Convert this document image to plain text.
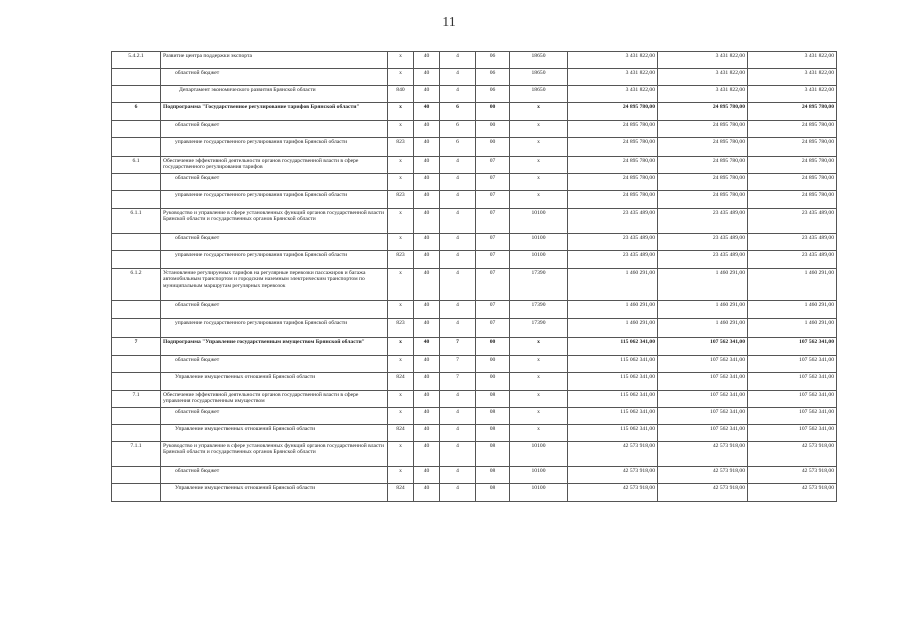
11
5.4.2.1	Развитие центра поддержки экспорта	х	40	4	06	18650	3 431 822,00	3 431 822,00	3 431 822,00
	областной бюджет	х	40	4	06	18650	3 431 822,00	3 431 822,00	3 431 822,00
	Департамент экономического развития Брянской области	840	40	4	06	18650	3 431 822,00	3 431 822,00	3 431 822,00
6	Подпрограмма "Государственное регулирование тарифов Брянской области"	х	40	6	00	х	24 895 780,00	24 895 780,00	24 895 780,00
	областной бюджет	х	40	6	00	х	24 895 780,00	24 895 780,00	24 895 780,00
	управление государственного регулирования тарифов Брянской области	823	40	6	00	х	24 895 780,00	24 895 780,00	24 895 780,00
6.1	Обеспечение эффективной деятельности органов государственной власти в сфере государственного регулирования тарифов	х	40	4	07	х	24 895 780,00	24 895 780,00	24 895 780,00
	областной бюджет	х	40	4	07	х	24 895 780,00	24 895 780,00	24 895 780,00
	управление государственного регулирования тарифов Брянской области	823	40	4	07	х	24 895 780,00	24 895 780,00	24 895 780,00
6.1.1	Руководство и управление в сфере установленных функций органов государственной власти Брянской области и государственных органов Брянской области	х	40	4	07	10100	23 435 489,00	23 435 489,00	23 435 489,00
	областной бюджет	х	40	4	07	10100	23 435 489,00	23 435 489,00	23 435 489,00
	управление государственного регулирования тарифов Брянской области	823	40	4	07	10100	23 435 489,00	23 435 489,00	23 435 489,00
6.1.2	Установление регулируемых тарифов на регулярные перевозки пассажиров и багажа автомобильным транспортом и городским наземным электрическим транспортом по муниципальным маршрутам регулярных перевозок	х	40	4	07	17390	1 460 291,00	1 460 291,00	1 460 291,00
	областной бюджет	х	40	4	07	17390	1 460 291,00	1 460 291,00	1 460 291,00
	управление государственного регулирования тарифов Брянской области	823	40	4	07	17390	1 460 291,00	1 460 291,00	1 460 291,00
7	Подпрограмма "Управление государственным имуществом Брянской области"	х	40	7	00	х	115 062 341,00	107 562 341,00	107 562 341,00
	областной бюджет	х	40	7	00	х	115 062 341,00	107 562 341,00	107 562 341,00
	Управление имущественных отношений Брянской области	824	40	7	00	х	115 062 341,00	107 562 341,00	107 562 341,00
7.1	Обеспечение эффективной деятельности органов государственной власти в сфере управления государственным имуществом	х	40	4	08	х	115 062 341,00	107 562 341,00	107 562 341,00
	областной бюджет	х	40	4	08	х	115 062 341,00	107 562 341,00	107 562 341,00
	Управление имущественных отношений Брянской области	824	40	4	08	х	115 062 341,00	107 562 341,00	107 562 341,00
7.1.1	Руководство и управление в сфере установленных функций органов государственной власти Брянской области и государственных органов Брянской области	х	40	4	08	10100	42 573 918,00	42 573 918,00	42 573 918,00
	областной бюджет	х	40	4	08	10100	42 573 918,00	42 573 918,00	42 573 918,00
	Управление имущественных отношений Брянской области	824	40	4	08	10100	42 573 918,00	42 573 918,00	42 573 918,00
